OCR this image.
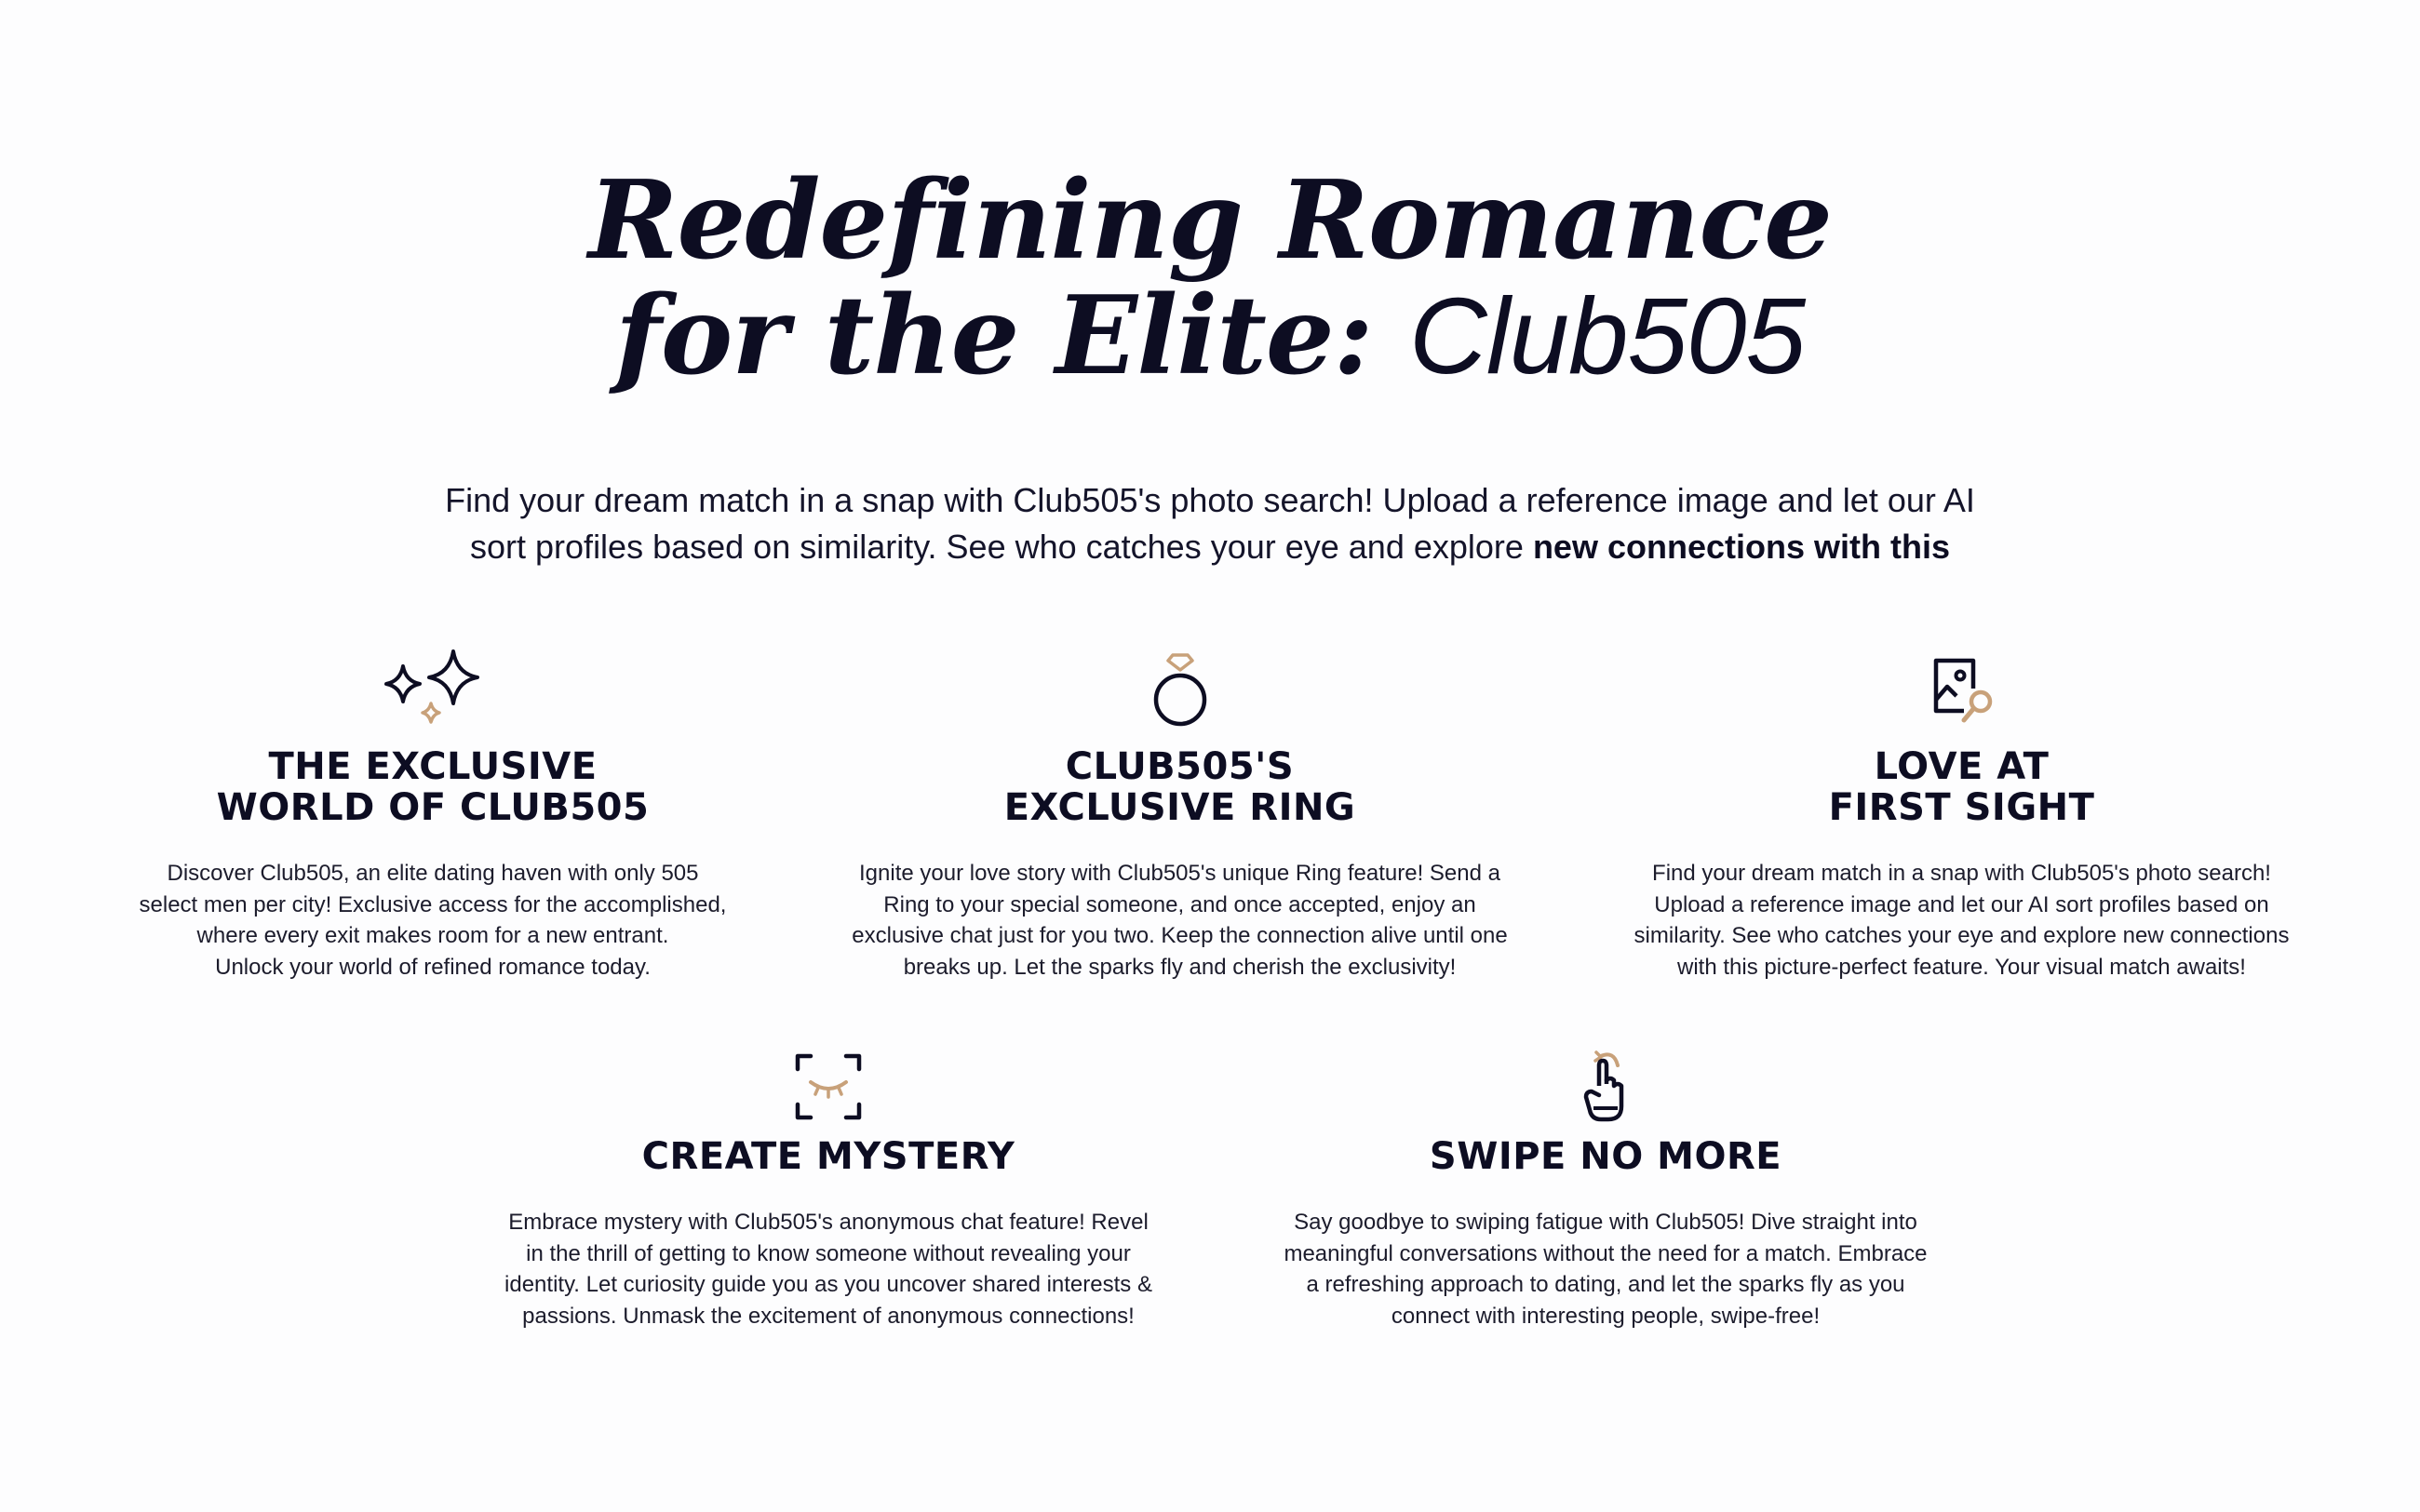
Redefining Romance
for the Elite: Club505

Find your dream match in a snap with Club505's photo search! Upload a reference image and let our AI
sort profiles based on similarity. See who catches your eye and explore new connections with this

THE EXCLUSIVE
WORLD OF CLUB505

Discover Club505, an elite dating haven with only 505
select men per city! Exclusive access for the accomplished,
where every exit makes room for a new entrant.
Unlock your world of refined romance today.

CLUB505'S
EXCLUSIVE RING

Ignite your love story with Club505's unique Ring feature! Send a
Ring to your special someone, and once accepted, enjoy an
exclusive chat just for you two. Keep the connection alive until one
breaks up. Let the sparks fly and cherish the exclusivity!

LOVE AT
FIRST SIGHT

Find your dream match in a snap with Club505's photo search!
Upload a reference image and let our AI sort profiles based on
similarity. See who catches your eye and explore new connections
with this picture-perfect feature. Your visual match awaits!

CREATE MYSTERY

Embrace mystery with Club505's anonymous chat feature! Revel
in the thrill of getting to know someone without revealing your
identity. Let curiosity guide you as you uncover shared interests &
passions. Unmask the excitement of anonymous connections!

SWIPE NO MORE

Say goodbye to swiping fatigue with Club505! Dive straight into
meaningful conversations without the need for a match. Embrace
a refreshing approach to dating, and let the sparks fly as you
connect with interesting people, swipe-free!
